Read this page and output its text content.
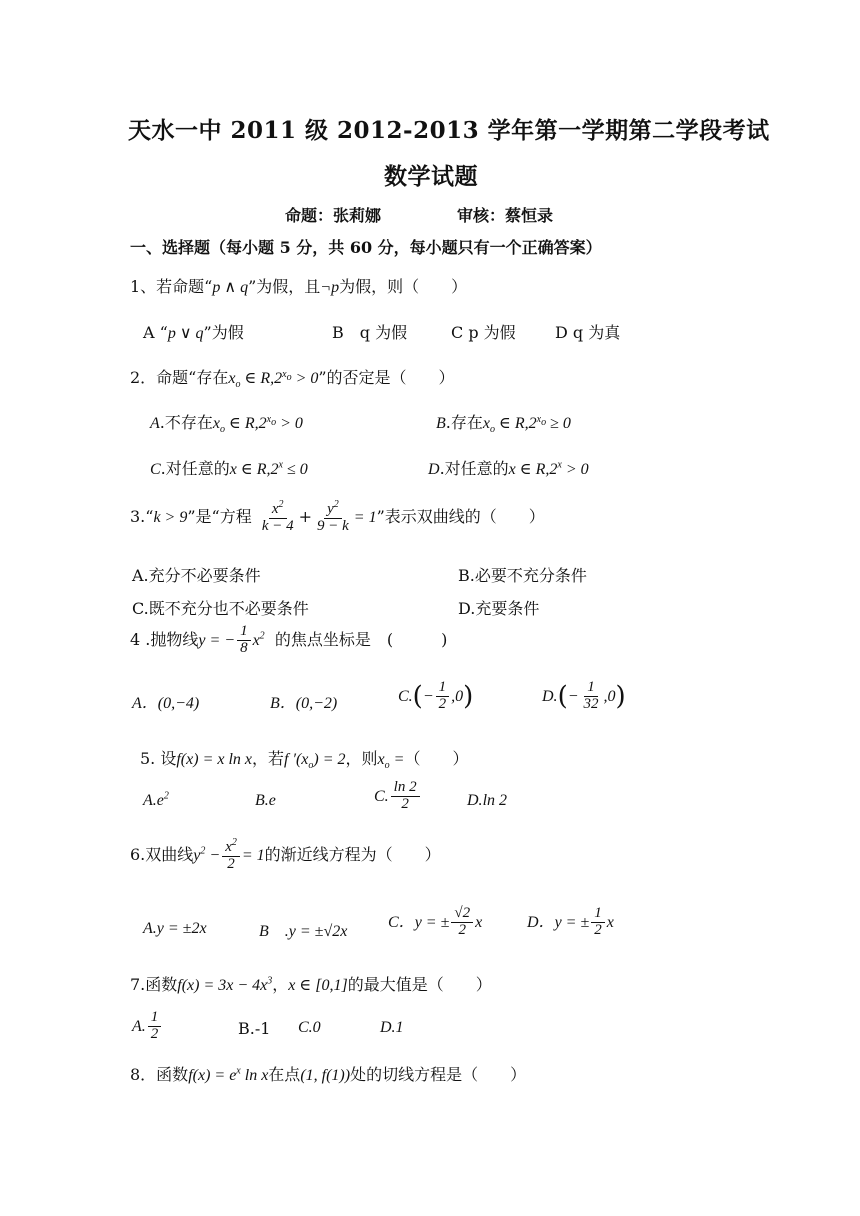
天水一中 2011 级 2012-2013 学年第一学期第二学段考试
数学试题
命题：张莉娜	审核：蔡恒录
一、选择题（每小题 5 分，共 60 分，每小题只有一个正确答案）
1、若命题“p ∧ q”为假，且¬p为假，则（　　）
A “p ∨ q”为假	B　q 为假	C p 为假 D q 为真
2．命题“存在$x_o$ ∈ $R,2^{x_o} > 0$”的否定是（　　）
A.不存在$x_o$ ∈ $R,2^{x_o} > 0$	B.存在$x_o$ ∈ $R,2^{x_o} \ge 0$
C.对任意的x ∈ $R,2^x \le 0$	D.对任意的x ∈ $R,2^x > 0$
3.“k > 9”是“方程 $\frac{x^2}{k - 4} + \frac{y^2}{9 - k} = 1$”表示双曲线的（　　）
A.充分不必要条件	B.必要不充分条件
C.既不充分也不必要条件	D.充要条件
4 .抛物线y = − $\frac{1}{8} x^2$ 的焦点坐标是　(　　　)
A．(0,−4)	B．(0,−2)	$C.(- \frac{1}{2} ,0)$	$D.(- \frac{1}{32} ,0)$
5. 设f(x) = x ln x，若f $'(x_o) = 2$，则$x_o$ =（　　）
$A.e^2$	B.e	C. $\frac{\ln 2}{2}$	D.ln 2
6.双曲线$y^2 - \frac{x^2}{2} = 1$的渐近线方程为（　　）
A.y = ±2x	B　.y = ±√2x
C．y = ± $\frac{√2}{2}$ x	D．y = ± $\frac{1}{2}$ x
7.函数$f(x) = 3x - 4x^3$，x ∈ [0,1]的最大值是（　　）
A. $\frac{1}{2}$	B.-1 C.0	D.1
8．函数$f(x) = e^x$ ln x在点(1, f(1))处的切线方程是（　　）
